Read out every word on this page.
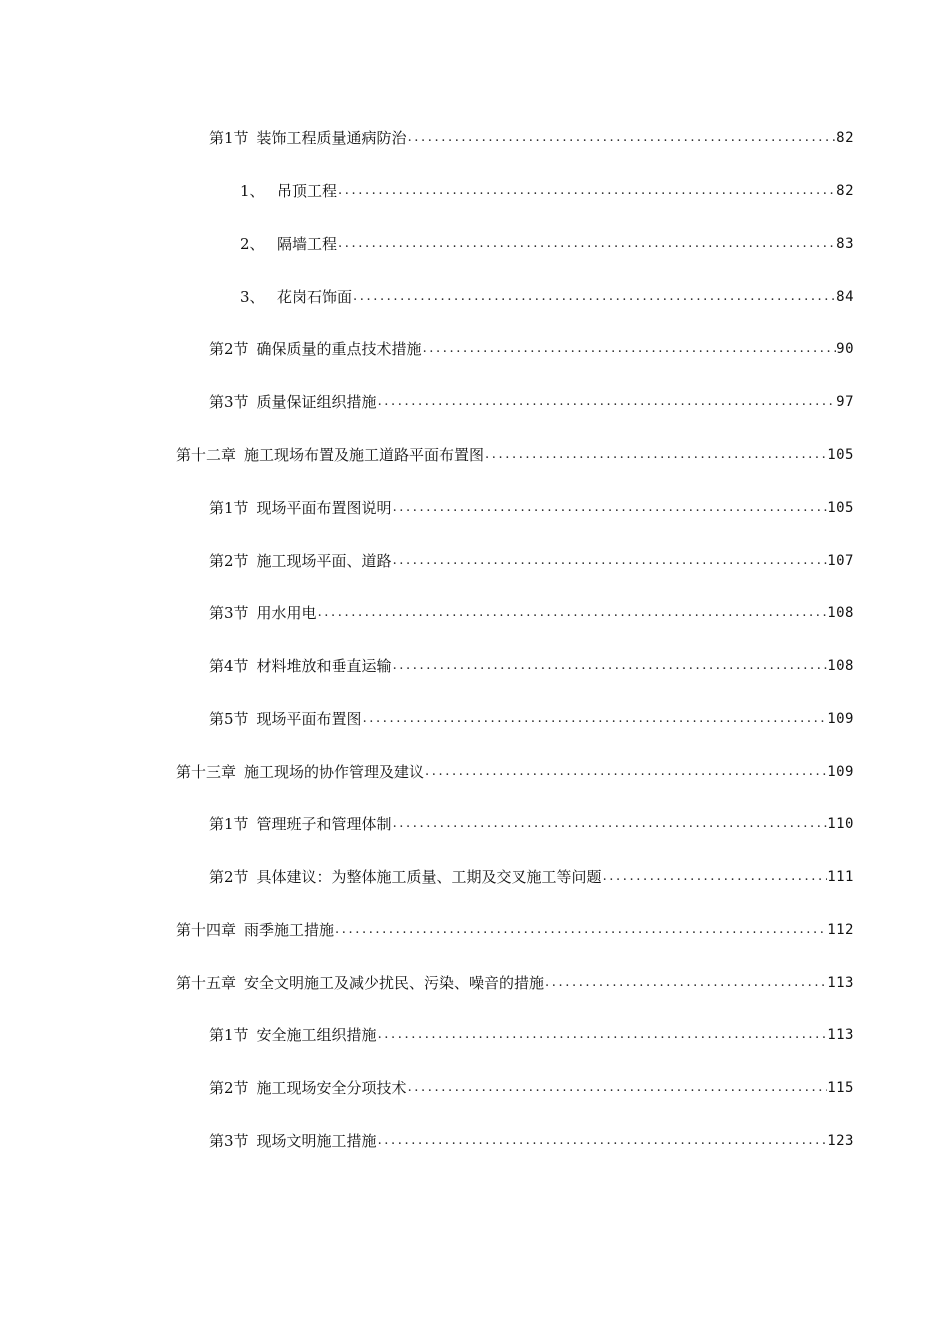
第1节 装饰工程质量通病防治 .....	82
1、 吊顶工程 .....	82
2、 隔墙工程 .....	83
3、 花岗石饰面 .....	84
第2节 确保质量的重点技术措施 .....	90
第3节 质量保证组织措施 .....	97
第十二章 施工现场布置及施工道路平面布置图 .....	105
第1节 现场平面布置图说明 .....	105
第2节 施工现场平面、道路 .....	107
第3节 用水用电 .....	108
第4节 材料堆放和垂直运输 .....	108
第5节 现场平面布置图 .....	109
第十三章 施工现场的协作管理及建议 .....	109
第1节 管理班子和管理体制 .....	110
第2节 具体建议：为整体施工质量、工期及交叉施工等问题 .....	111
第十四章 雨季施工措施 .....	112
第十五章 安全文明施工及减少扰民、污染、噪音的措施 .....	113
第1节 安全施工组织措施 .....	113
第2节 施工现场安全分项技术 .....	115
第3节 现场文明施工措施 .....	123
